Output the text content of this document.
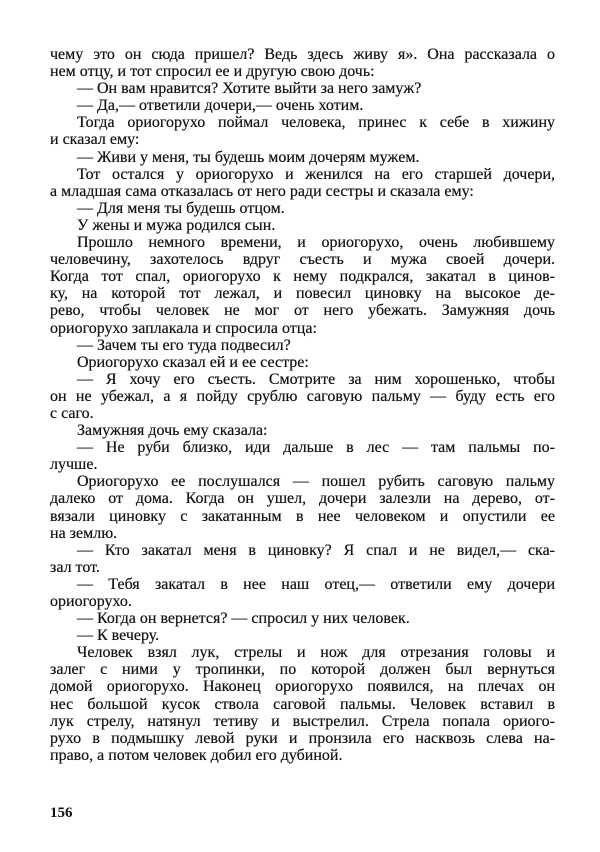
чему это он сюда пришел? Ведь здесь живу я». Она рассказала о
нем отцу, и тот спросил ее и другую свою дочь:
— Он вам нравится? Хотите выйти за него замуж?
— Да,— ответили дочери,— очень хотим.
Тогда ориогорухо поймал человека, принес к себе в хижину
и сказал ему:
— Живи у меня, ты будешь моим дочерям мужем.
Тот остался у ориогорухо и женился на его старшей дочери,
а младшая сама отказалась от него ради сестры и сказала ему:
— Для меня ты будешь отцом.
У жены и мужа родился сын.
Прошло немного времени, и ориогорухо, очень любившему
человечину, захотелось вдруг съесть и мужа своей дочери.
Когда тот спал, ориогорухо к нему подкрался, закатал в цинов-
ку, на которой тот лежал, и повесил циновку на высокое де-
рево, чтобы человек не мог от него убежать. Замужняя дочь
ориогорухо заплакала и спросила отца:
— Зачем ты его туда подвесил?
Ориогорухо сказал ей и ее сестре:
— Я хочу его съесть. Смотрите за ним хорошенько, чтобы
он не убежал, а я пойду срублю саговую пальму — буду есть его
с саго.
Замужняя дочь ему сказала:
— Не руби близко, иди дальше в лес — там пальмы по-
лучше.
Ориогорухо ее послушался — пошел рубить саговую пальму
далеко от дома. Когда он ушел, дочери залезли на дерево, от-
вязали циновку с закатанным в нее человеком и опустили ее
на землю.
— Кто закатал меня в циновку? Я спал и не видел,— ска-
зал тот.
— Тебя закатал в нее наш отец,— ответили ему дочери
ориогорухо.
— Когда он вернется? — спросил у них человек.
— К вечеру.
Человек взял лук, стрелы и нож для отрезания головы и
залег с ними у тропинки, по которой должен был вернуться
домой ориогорухо. Наконец ориогорухо появился, на плечах он
нес большой кусок ствола саговой пальмы. Человек вставил в
лук стрелу, натянул тетиву и выстрелил. Стрела попала ориого-
рухо в подмышку левой руки и пронзила его насквозь слева на-
право, а потом человек добил его дубиной.
156
